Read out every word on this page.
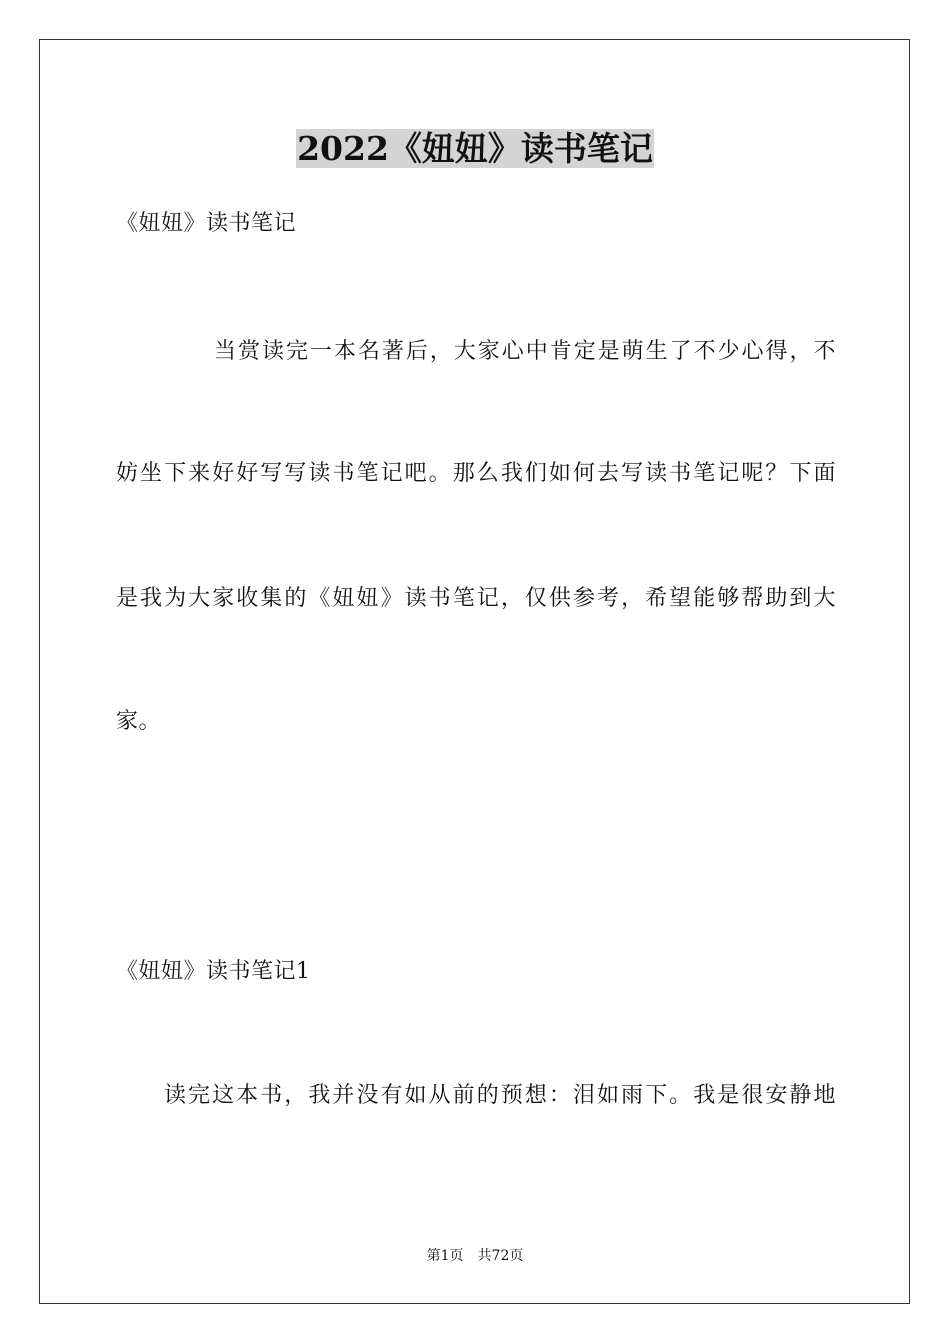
2022《妞妞》读书笔记
《妞妞》读书笔记
当赏读完一本名著后，大家心中肯定是萌生了不少心得，不
妨坐下来好好写写读书笔记吧。那么我们如何去写读书笔记呢？下面
是我为大家收集的《妞妞》读书笔记，仅供参考，希望能够帮助到大
家。
《妞妞》读书笔记1
读完这本书，我并没有如从前的预想：泪如雨下。我是很安静地
第1页 共72页
